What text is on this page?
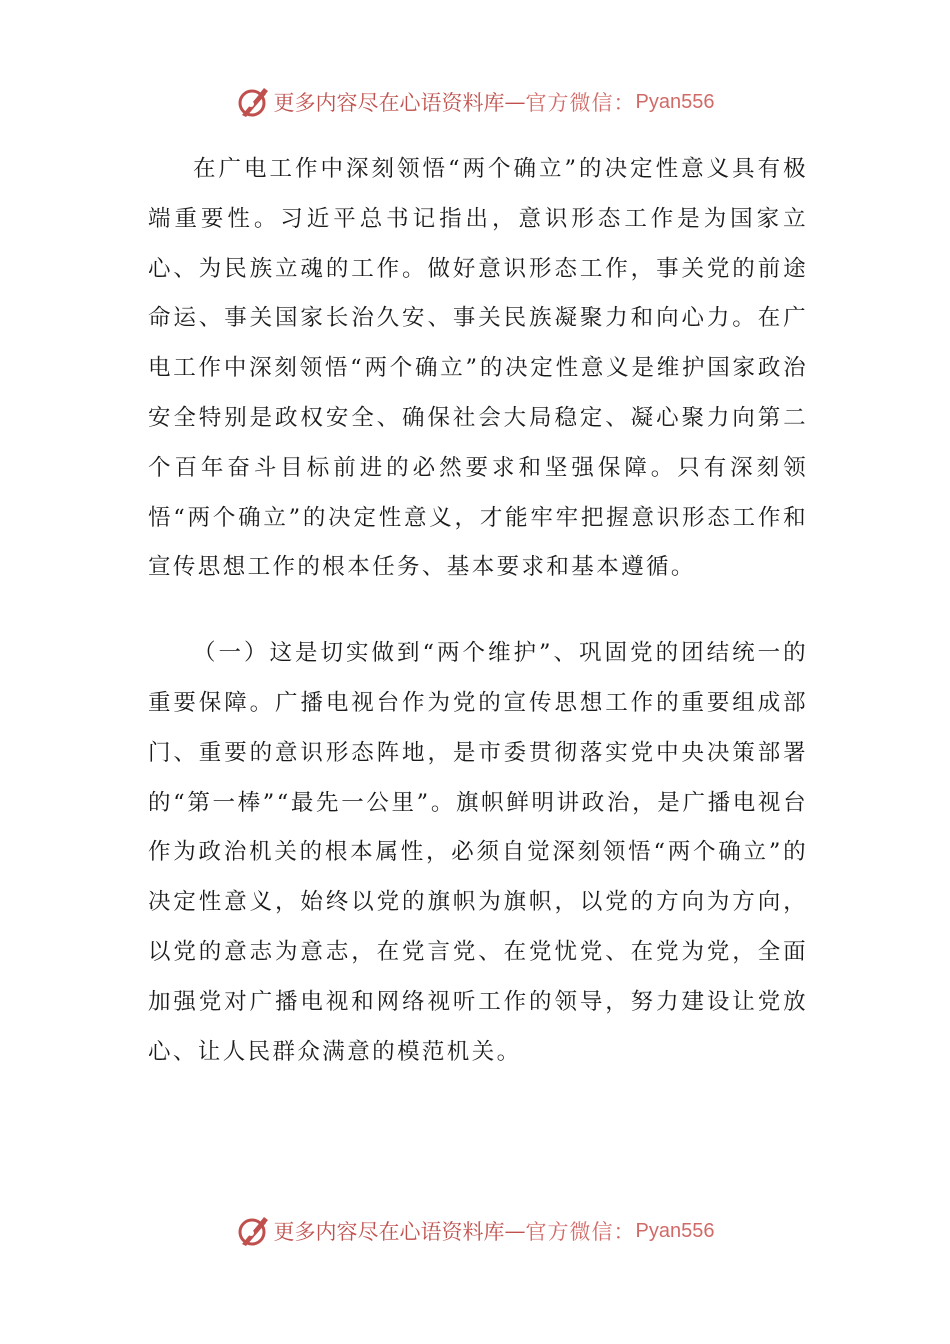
更多内容尽在心语资料库 — 官方微信： Pyan556

在广电工作中深刻领悟“两个确立”的决定性意义具有极端重要性。习近平总书记指出，意识形态工作是为国家立心、为民族立魂的工作。做好意识形态工作，事关党的前途命运、事关国家长治久安、事关民族凝聚力和向心力。在广电工作中深刻领悟“两个确立”的决定性意义是维护国家政治安全特别是政权安全、确保社会大局稳定、凝心聚力向第二个百年奋斗目标前进的必然要求和坚强保障。只有深刻领悟“两个确立”的决定性意义，才能牢牢把握意识形态工作和宣传思想工作的根本任务、基本要求和基本遵循。

（一）这是切实做到“两个维护”、巩固党的团结统一的重要保障。广播电视台作为党的宣传思想工作的重要组成部门、重要的意识形态阵地，是市委贯彻落实党中央决策部署的“第一棒”“最先一公里”。旗帜鲜明讲政治，是广播电视台作为政治机关的根本属性，必须自觉深刻领悟“两个确立”的决定性意义，始终以党的旗帜为旗帜，以党的方向为方向，以党的意志为意志，在党言党、在党忧党、在党为党，全面加强党对广播电视和网络视听工作的领导，努力建设让党放心、让人民群众满意的模范机关。

更多内容尽在心语资料库 — 官方微信： Pyan556
